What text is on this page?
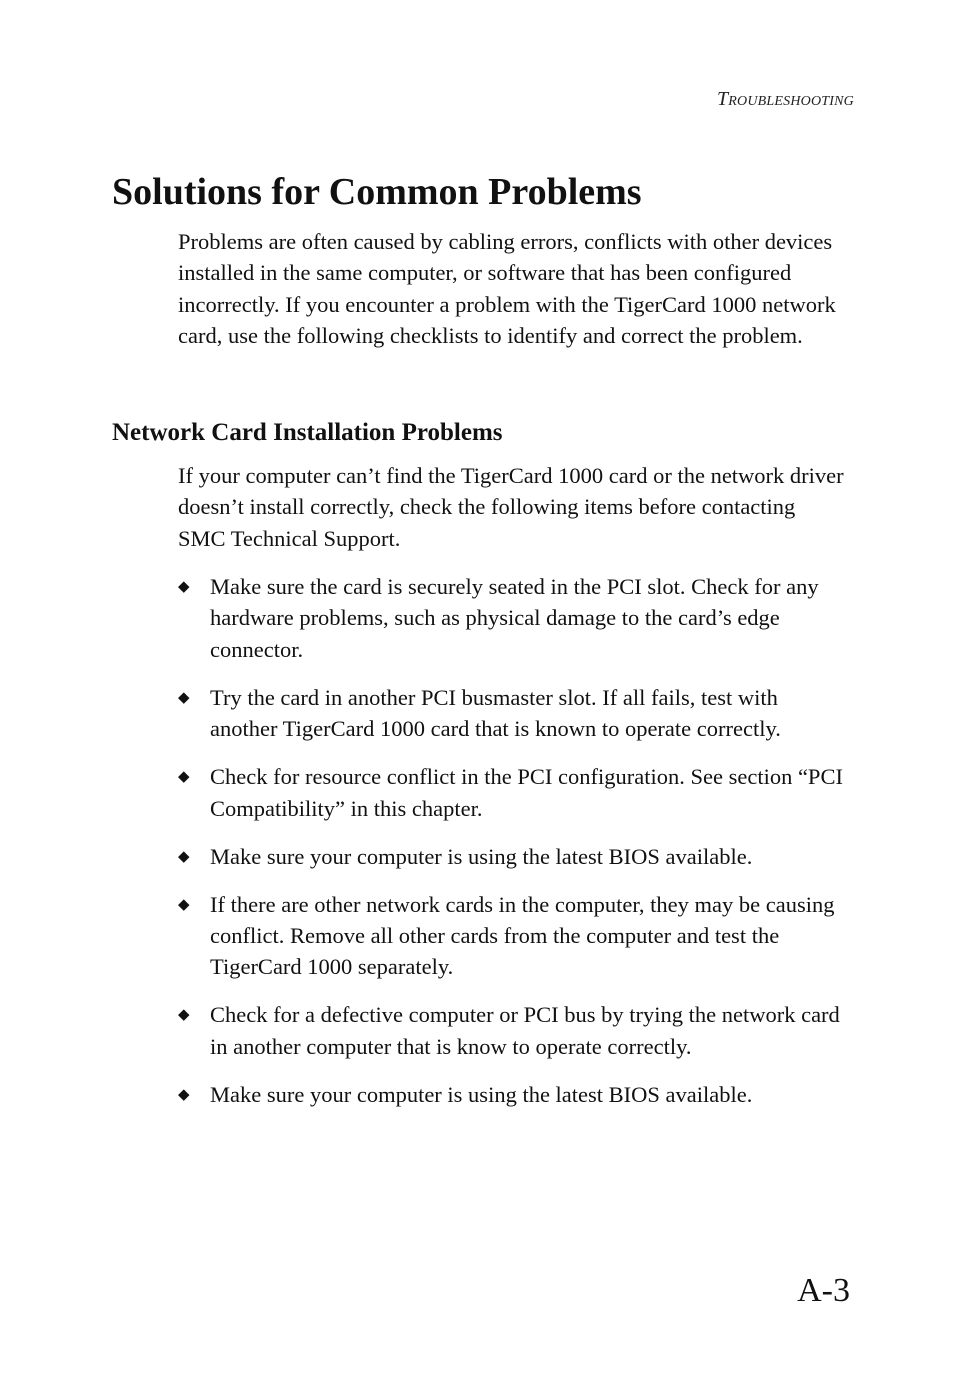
Troubleshooting
Solutions for Common Problems

Problems are often caused by cabling errors, conflicts with other devices installed in the same computer, or software that has been configured incorrectly. If you encounter a problem with the TigerCard 1000 network card, use the following checklists to identify and correct the problem.

Network Card Installation Problems

If your computer can’t find the TigerCard 1000 card or the network driver doesn’t install correctly, check the following items before contacting SMC Technical Support.

◆ Make sure the card is securely seated in the PCI slot. Check for any hardware problems, such as physical damage to the card’s edge connector.
◆ Try the card in another PCI busmaster slot. If all fails, test with another TigerCard 1000 card that is known to operate correctly.
◆ Check for resource conflict in the PCI configuration. See section “PCI Compatibility” in this chapter.
◆ Make sure your computer is using the latest BIOS available.
◆ If there are other network cards in the computer, they may be causing conflict. Remove all other cards from the computer and test the TigerCard 1000 separately.
◆ Check for a defective computer or PCI bus by trying the network card in another computer that is know to operate correctly.
◆ Make sure your computer is using the latest BIOS available.
A-3
